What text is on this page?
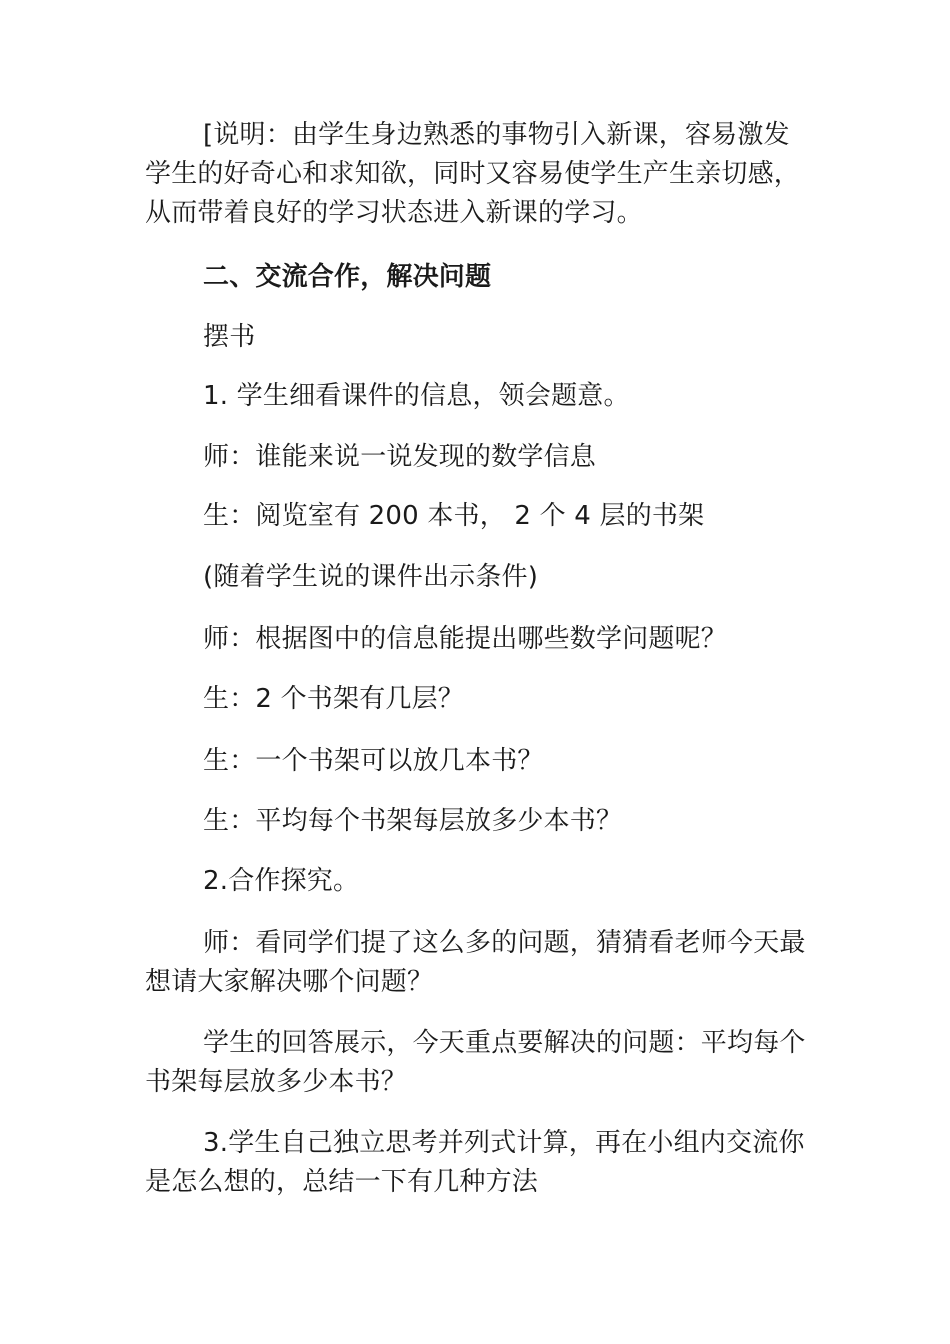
[说明：由学生身边熟悉的事物引入新课，容易激发学生的好奇心和求知欲，同时又容易使学生产生亲切感，从而带着良好的学习状态进入新课的学习。

二、交流合作，解决问题

摆书

1. 学生细看课件的信息，领会题意。

师：谁能来说一说发现的数学信息

生：阅览室有 200 本书， 2 个 4 层的书架

(随着学生说的课件出示条件)

师：根据图中的信息能提出哪些数学问题呢？

生：2 个书架有几层？

生：一个书架可以放几本书？

生：平均每个书架每层放多少本书？

2.合作探究。

师：看同学们提了这么多的问题，猜猜看老师今天最想请大家解决哪个问题？

学生的回答展示，今天重点要解决的问题：平均每个书架每层放多少本书？

3.学生自己独立思考并列式计算，再在小组内交流你是怎么想的，总结一下有几种方法
